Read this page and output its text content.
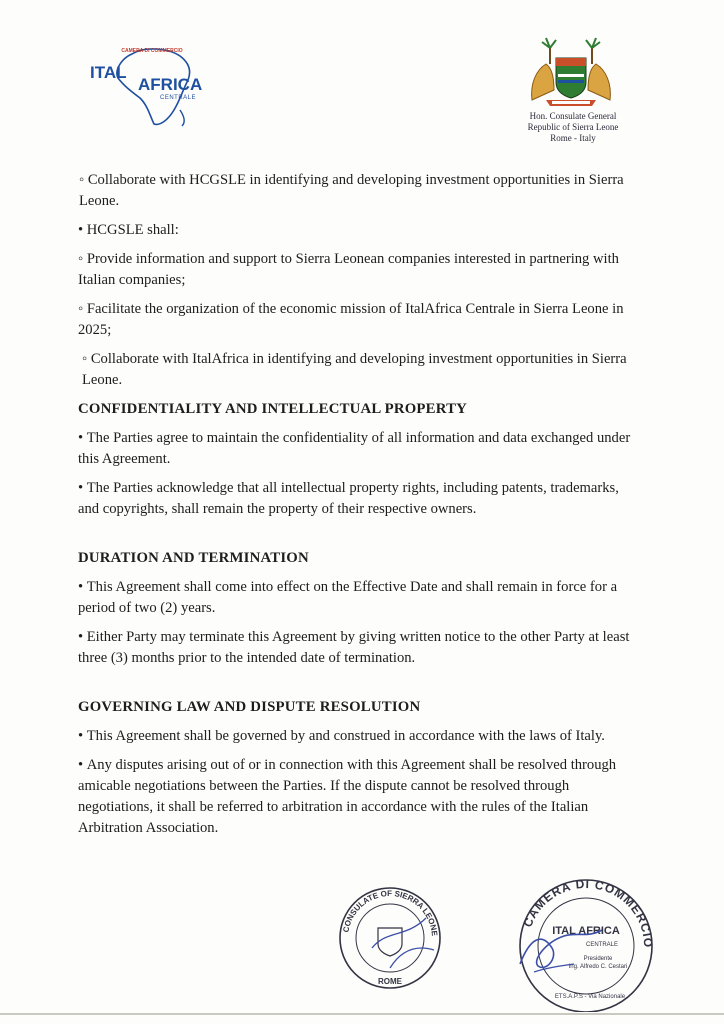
CAMERA DI COMMERCIO
ITAL
AFRICA
CENTRALE
Hon. Consulate General
Republic of Sierra Leone
Rome - Italy

◦ Collaborate with HCGSLE in identifying and developing investment opportunities in Sierra Leone.

• HCGSLE shall:

◦ Provide information and support to Sierra Leonean companies interested in partnering with Italian companies;

◦ Facilitate the organization of the economic mission of ItalAfrica Centrale in Sierra Leone in 2025;

◦ Collaborate with ItalAfrica in identifying and developing investment opportunities in Sierra Leone.

CONFIDENTIALITY AND INTELLECTUAL PROPERTY

• The Parties agree to maintain the confidentiality of all information and data exchanged under this Agreement.

• The Parties acknowledge that all intellectual property rights, including patents, trademarks, and copyrights, shall remain the property of their respective owners.

DURATION AND TERMINATION

• This Agreement shall come into effect on the Effective Date and shall remain in force for a period of two (2) years.

• Either Party may terminate this Agreement by giving written notice to the other Party at least three (3) months prior to the intended date of termination.

GOVERNING LAW AND DISPUTE RESOLUTION

• This Agreement shall be governed by and construed in accordance with the laws of Italy.

• Any disputes arising out of or in connection with this Agreement shall be resolved through amicable negotiations between the Parties. If the dispute cannot be resolved through negotiations, it shall be referred to arbitration in accordance with the rules of the Italian Arbitration Association.

CONSULATE OF SIERRA LEONE
ROME
CAMERA DI COMMERCIO
ITAL AFRICA
CENTRALE
Presidente
Ing. Alfredo C. Cestari
ETS.A.P.S - Via Nazionale
